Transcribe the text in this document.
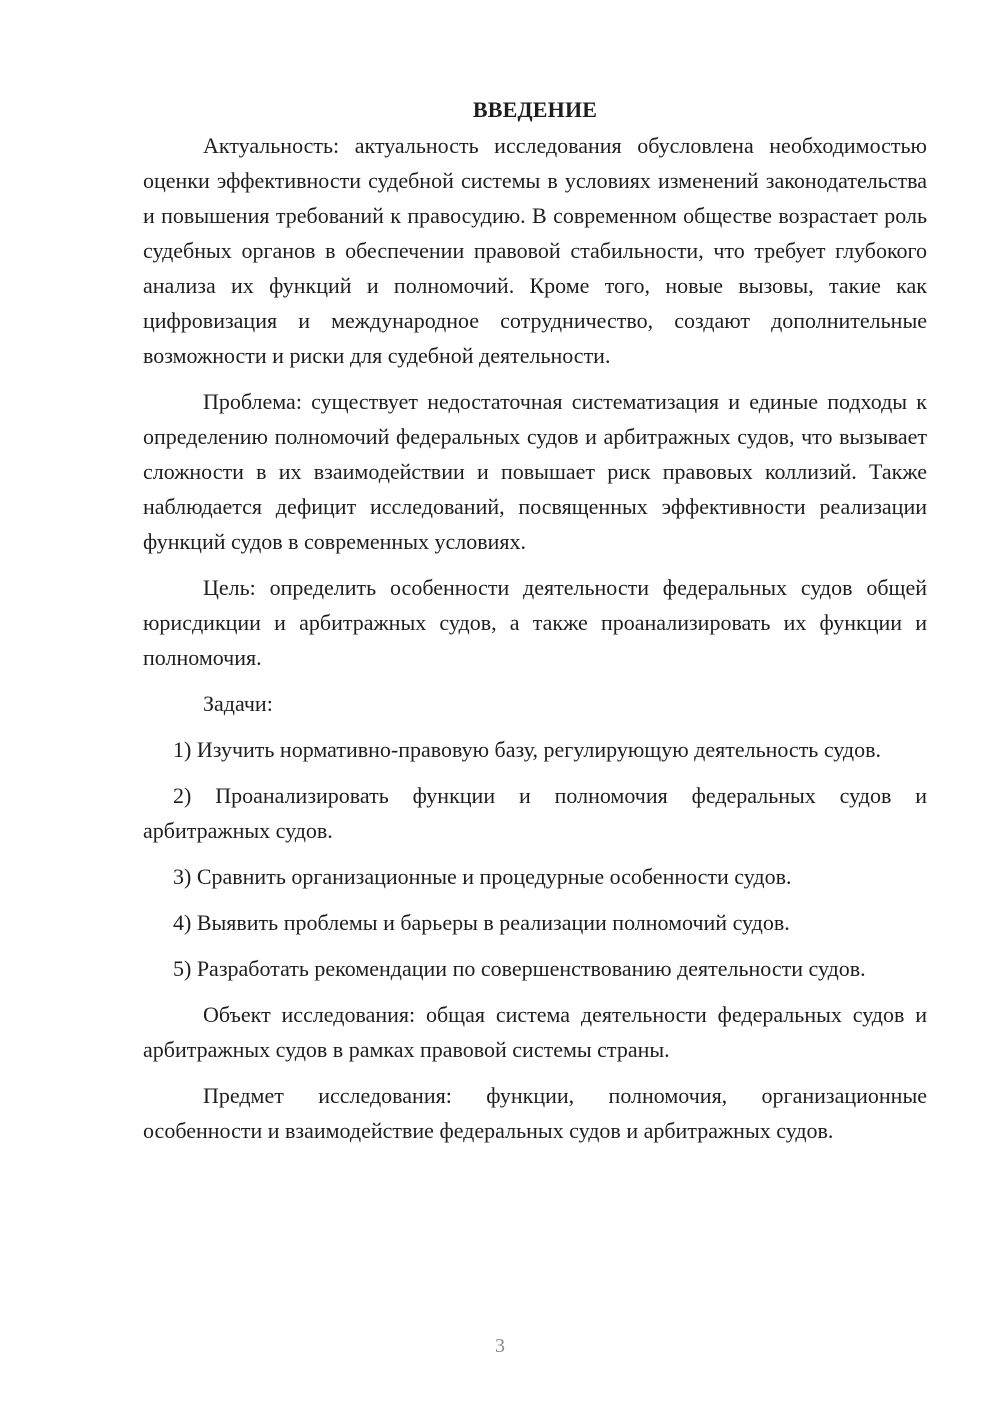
ВВЕДЕНИЕ

Актуальность: актуальность исследования обусловлена необходимостью оценки эффективности судебной системы в условиях изменений законодательства и повышения требований к правосудию. В современном обществе возрастает роль судебных органов в обеспечении правовой стабильности, что требует глубокого анализа их функций и полномочий. Кроме того, новые вызовы, такие как цифровизация и международное сотрудничество, создают дополнительные возможности и риски для судебной деятельности.

Проблема: существует недостаточная систематизация и единые подходы к определению полномочий федеральных судов и арбитражных судов, что вызывает сложности в их взаимодействии и повышает риск правовых коллизий. Также наблюдается дефицит исследований, посвященных эффективности реализации функций судов в современных условиях.

Цель: определить особенности деятельности федеральных судов общей юрисдикции и арбитражных судов, а также проанализировать их функции и полномочия.

Задачи:

1) Изучить нормативно-правовую базу, регулирующую деятельность судов.

2) Проанализировать функции и полномочия федеральных судов и арбитражных судов.

3) Сравнить организационные и процедурные особенности судов.

4) Выявить проблемы и барьеры в реализации полномочий судов.

5) Разработать рекомендации по совершенствованию деятельности судов.

Объект исследования: общая система деятельности федеральных судов и арбитражных судов в рамках правовой системы страны.

Предмет исследования: функции, полномочия, организационные особенности и взаимодействие федеральных судов и арбитражных судов.

3
